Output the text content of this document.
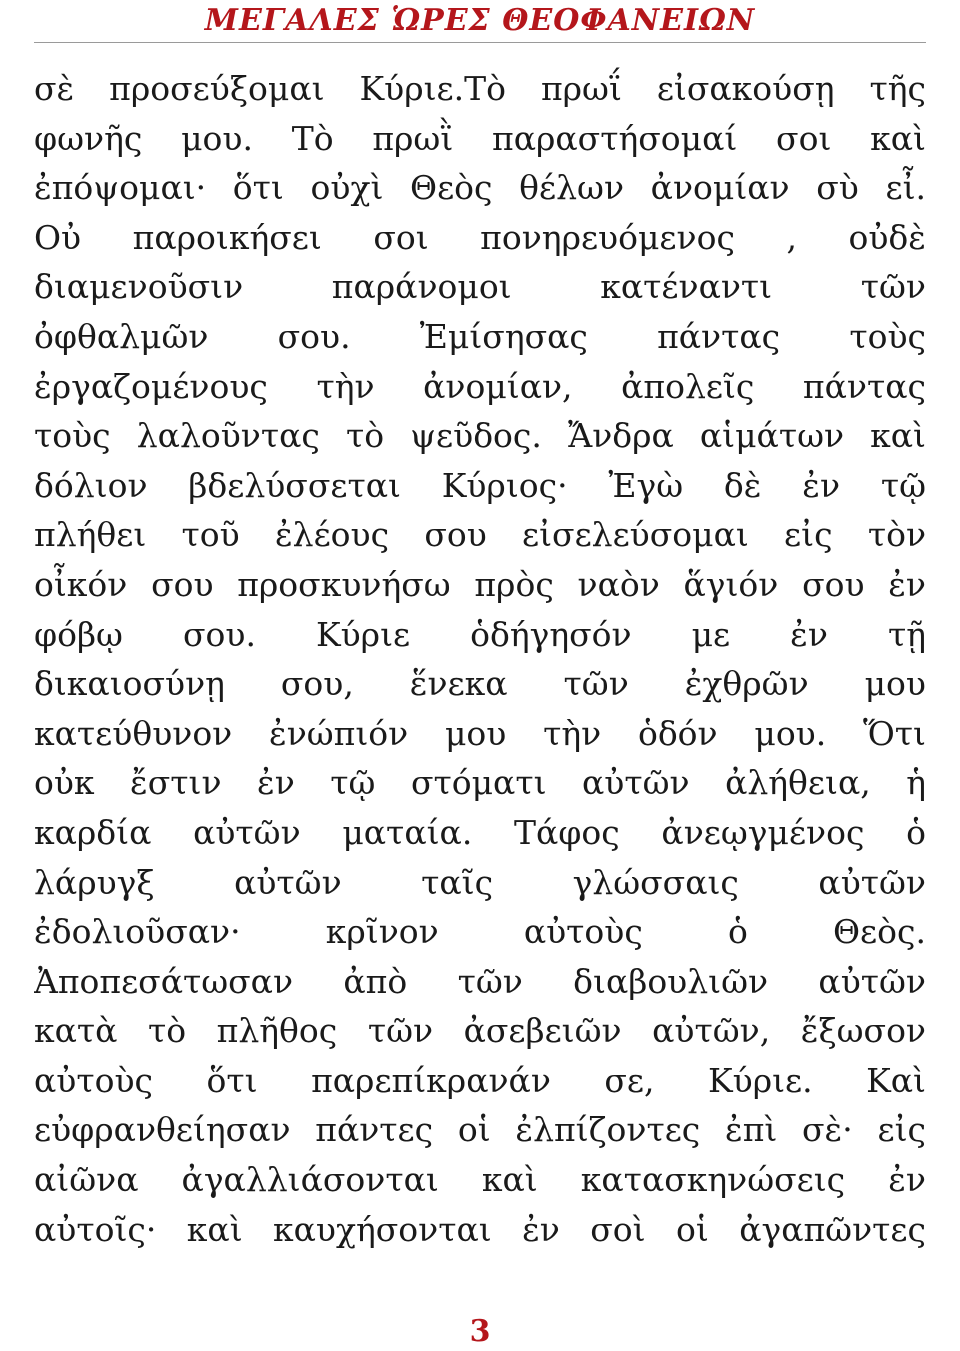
ΜΕΓΑΛΕΣ ὩΡΕΣ ΘΕΟΦΑΝΕΙΩΝ
σὲ προσεύξομαι Κύριε.Τὸ πρωΐ εἰσακούσῃ τῆς
φωνῆς μου. Τὸ πρωῒ παραστήσομαί σοι καὶ
ἐπόψομαι· ὅτι οὐχὶ Θεὸς θέλων ἀνομίαν σὺ εἶ.
Οὐ παροικήσει σοι πονηρευόμενος , οὐδὲ
διαμενοῦσιν παράνομοι κατέναντι τῶν
ὀφθαλμῶν σου. Ἐμίσησας πάντας τοὺς
ἐργαζομένους τὴν ἀνομίαν, ἀπολεῖς πάντας
τοὺς λαλοῦντας τὸ ψεῦδος. Ἄνδρα αἱμάτων καὶ
δόλιον βδελύσσεται Κύριος· Ἐγὼ δὲ ἐν τῷ
πλήθει τοῦ ἐλέους σου εἰσελεύσομαι εἰς τὸν
οἶκόν σου προσκυνήσω πρὸς ναὸν ἅγιόν σου ἐν
φόβῳ σου. Κύριε ὁδήγησόν με ἐν τῇ
δικαιοσύνῃ σου, ἕνεκα τῶν ἐχθρῶν μου
κατεύθυνον ἐνώπιόν μου τὴν ὁδόν μου. Ὅτι
οὐκ ἔστιν ἐν τῷ στόματι αὐτῶν ἀλήθεια, ἡ
καρδία αὐτῶν ματαία. Τάφος ἀνεῳγμένος ὁ
λάρυγξ αὐτῶν ταῖς γλώσσαις αὐτῶν
ἐδολιοῦσαν· κρῖνον αὐτοὺς ὁ Θεὸς.
Ἀποπεσάτωσαν ἀπὸ τῶν διαβουλιῶν αὐτῶν
κατὰ τὸ πλῆθος τῶν ἀσεβειῶν αὐτῶν, ἔξωσον
αὐτοὺς ὅτι παρεπίκρανάν σε, Κύριε. Καὶ
εὐφρανθείησαν πάντες οἱ ἐλπίζοντες ἐπὶ σὲ· εἰς
αἰῶνα ἀγαλλιάσονται καὶ κατασκηνώσεις ἐν
αὐτοῖς· καὶ καυχήσονται ἐν σοὶ οἱ ἀγαπῶντες
3
